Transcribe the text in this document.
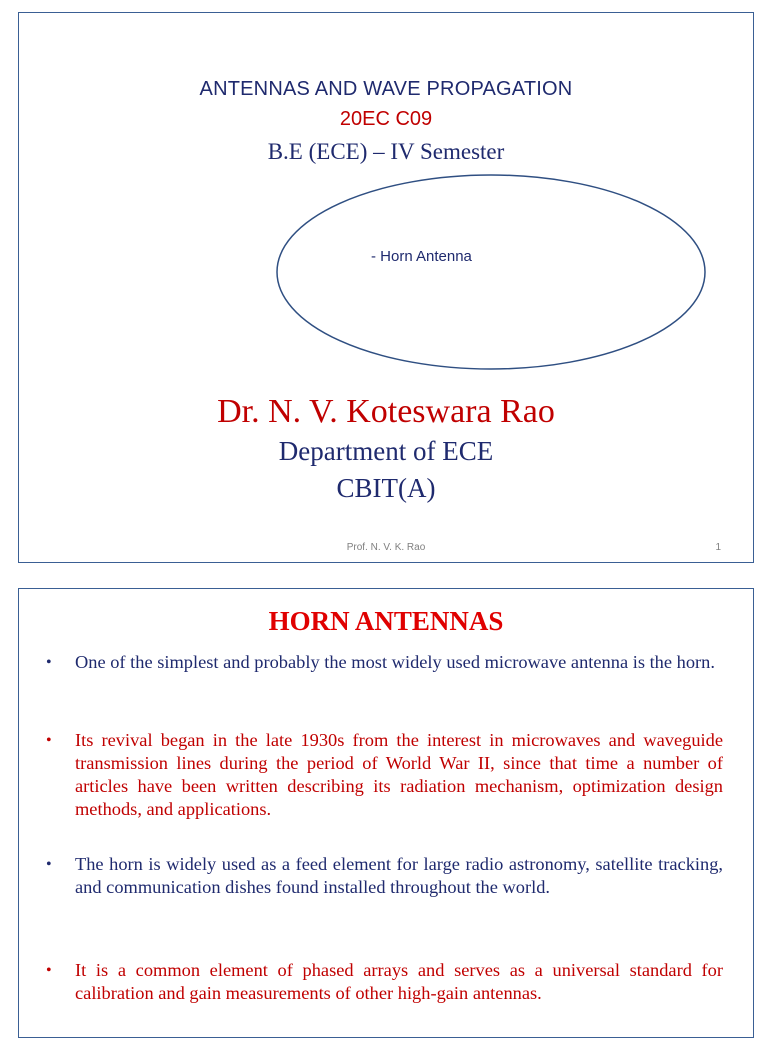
ANTENNAS AND WAVE PROPAGATION
20EC C09
B.E (ECE) – IV Semester
- Horn Antenna
Dr. N. V. Koteswara Rao
Department of ECE
CBIT(A)
Prof. N. V. K. Rao	1
HORN ANTENNAS
• One of the simplest and probably the most widely used microwave antenna is the horn.
• Its revival began in the late 1930s from the interest in microwaves and waveguide transmission lines during the period of World War II, since that time a number of articles have been written describing its radiation mechanism, optimization design methods, and applications.
• The horn is widely used as a feed element for large radio astronomy, satellite tracking, and communication dishes found installed throughout the world.
• It is a common element of phased arrays and serves as a universal standard for calibration and gain measurements of other high-gain antennas.
